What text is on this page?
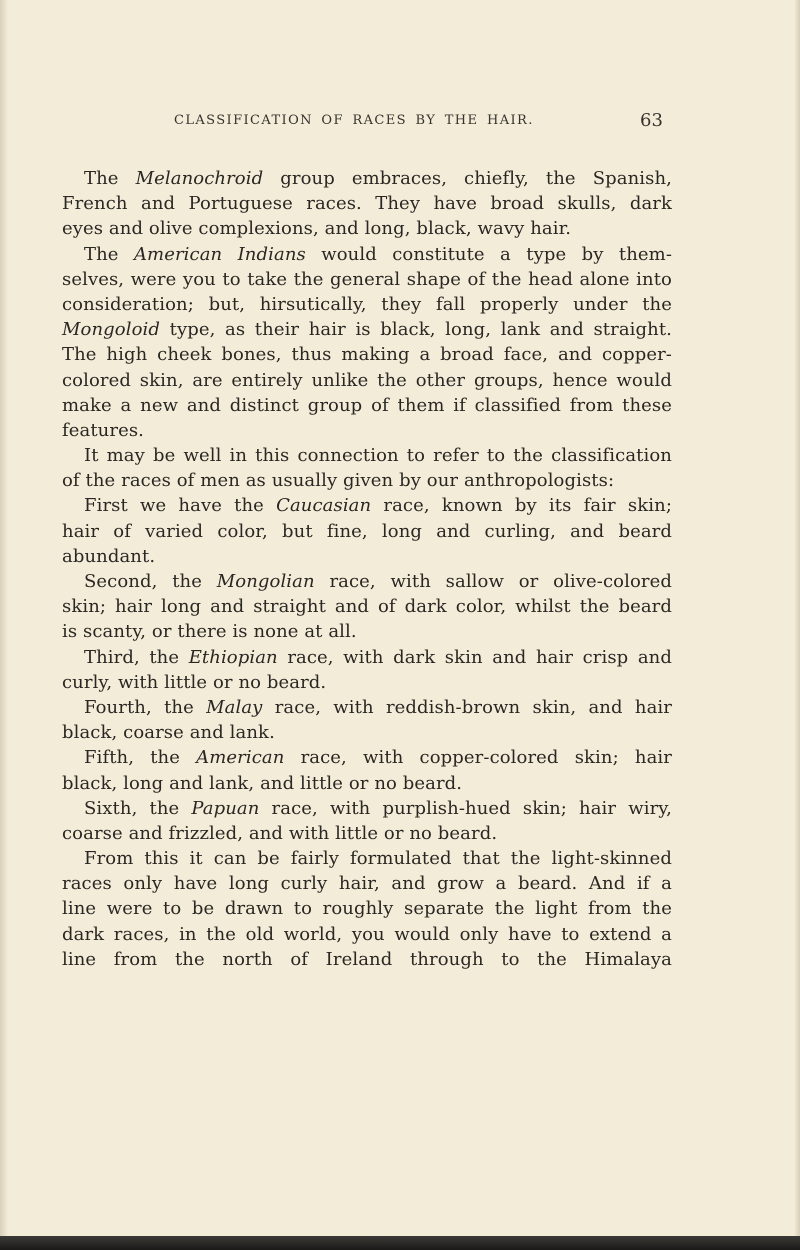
CLASSIFICATION OF RACES BY THE HAIR.	63
The Melanochroid group embraces, chiefly, the Spanish,
French and Portuguese races. They have broad skulls, dark
eyes and olive complexions, and long, black, wavy hair.
The American Indians would constitute a type by them-
selves, were you to take the general shape of the head alone into
consideration; but, hirsutically, they fall properly under the
Mongoloid type, as their hair is black, long, lank and straight.
The high cheek bones, thus making a broad face, and copper-
colored skin, are entirely unlike the other groups, hence would
make a new and distinct group of them if classified from these
features.
It may be well in this connection to refer to the classification
of the races of men as usually given by our anthropologists:
First we have the Caucasian race, known by its fair skin;
hair of varied color, but fine, long and curling, and beard
abundant.
Second, the Mongolian race, with sallow or olive-colored
skin; hair long and straight and of dark color, whilst the beard
is scanty, or there is none at all.
Third, the Ethiopian race, with dark skin and hair crisp and
curly, with little or no beard.
Fourth, the Malay race, with reddish-brown skin, and hair
black, coarse and lank.
Fifth, the American race, with copper-colored skin; hair
black, long and lank, and little or no beard.
Sixth, the Papuan race, with purplish-hued skin; hair wiry,
coarse and frizzled, and with little or no beard.
From this it can be fairly formulated that the light-skinned
races only have long curly hair, and grow a beard. And if a
line were to be drawn to roughly separate the light from the
dark races, in the old world, you would only have to extend a
line from the north of Ireland through to the Himalaya
